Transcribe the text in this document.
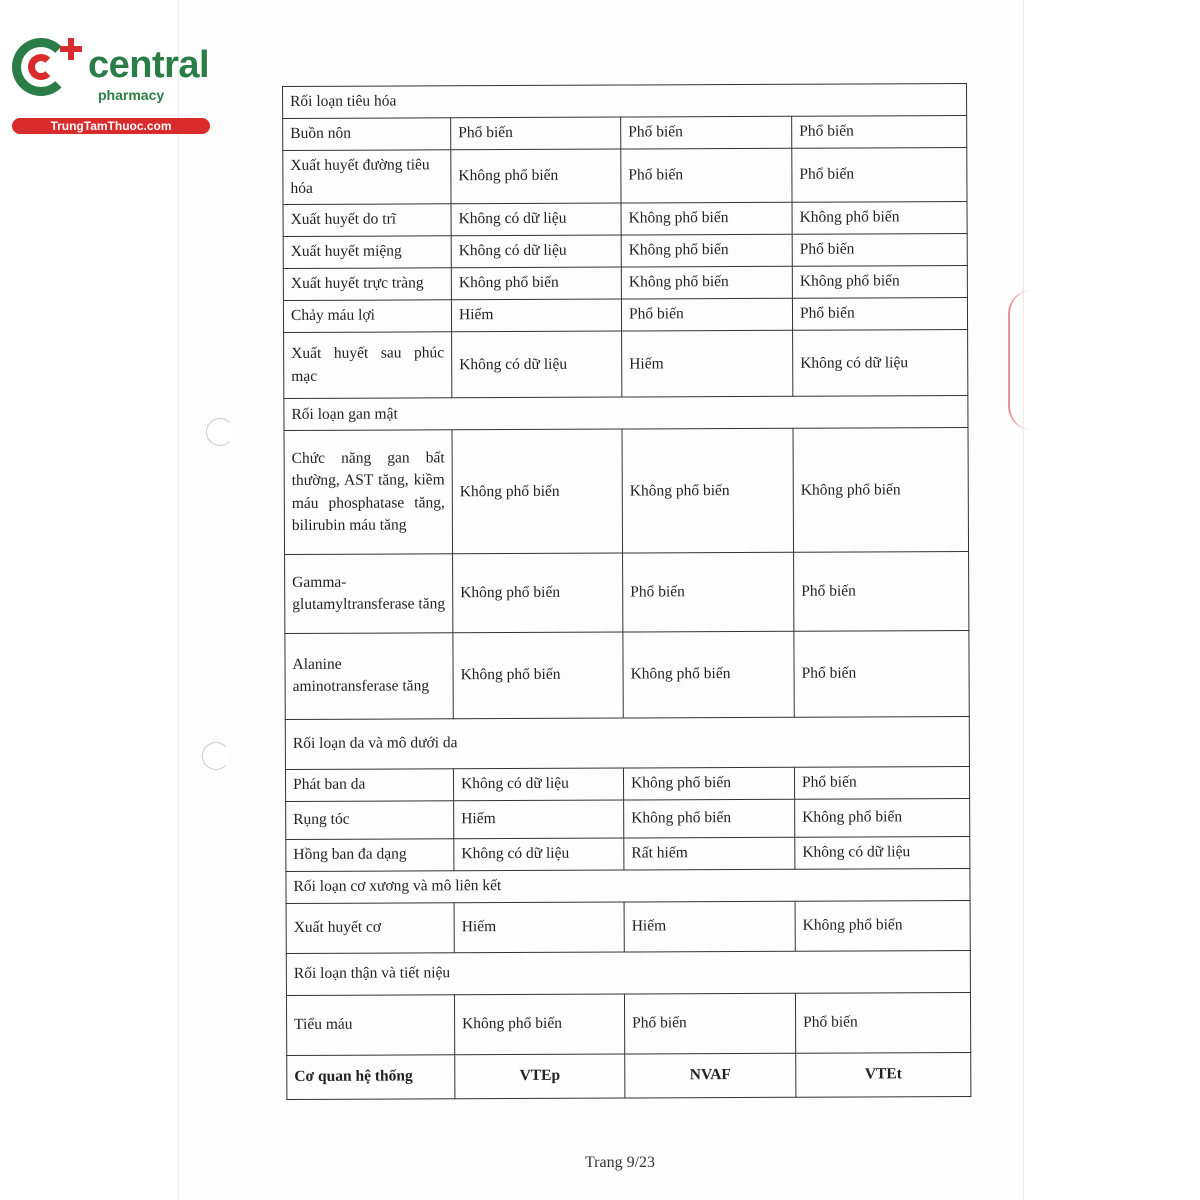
central
pharmacy
TrungTamThuoc.com
Rối loạn tiêu hóa			
Buồn nôn	Phổ biến	Phổ biến	Phổ biến
Xuất huyết đường tiêu hóa	Không phổ biến	Phổ biến	Phổ biến
Xuất huyết do trĩ	Không có dữ liệu	Không phổ biến	Không phổ biến
Xuất huyết miệng	Không có dữ liệu	Không phổ biến	Phổ biến
Xuất huyết trực tràng	Không phổ biến	Không phổ biến	Không phổ biến
Chảy máu lợi	Hiếm	Phổ biến	Phổ biến
Xuất huyết sau phúc mạc	Không có dữ liệu	Hiếm	Không có dữ liệu
Rối loạn gan mật			
Chức năng gan bất thường, AST tăng, kiềm máu phosphatase tăng, bilirubin máu tăng	Không phổ biến	Không phổ biến	Không phổ biến
Gamma-glutamyltransferase tăng	Không phổ biến	Phổ biến	Phổ biến
Alanine aminotransferase tăng	Không phổ biến	Không phổ biến	Phổ biến
Rối loạn da và mô dưới da			
Phát ban da	Không có dữ liệu	Không phổ biến	Phổ biến
Rụng tóc	Hiếm	Không phổ biến	Không phổ biến
Hồng ban đa dạng	Không có dữ liệu	Rất hiếm	Không có dữ liệu
Rối loạn cơ xương và mô liên kết			
Xuất huyết cơ	Hiếm	Hiếm	Không phổ biến
Rối loạn thận và tiết niệu			
Tiểu máu	Không phổ biến	Phổ biến	Phổ biến
Cơ quan hệ thống	VTEp	NVAF	VTEt
Trang 9/23
